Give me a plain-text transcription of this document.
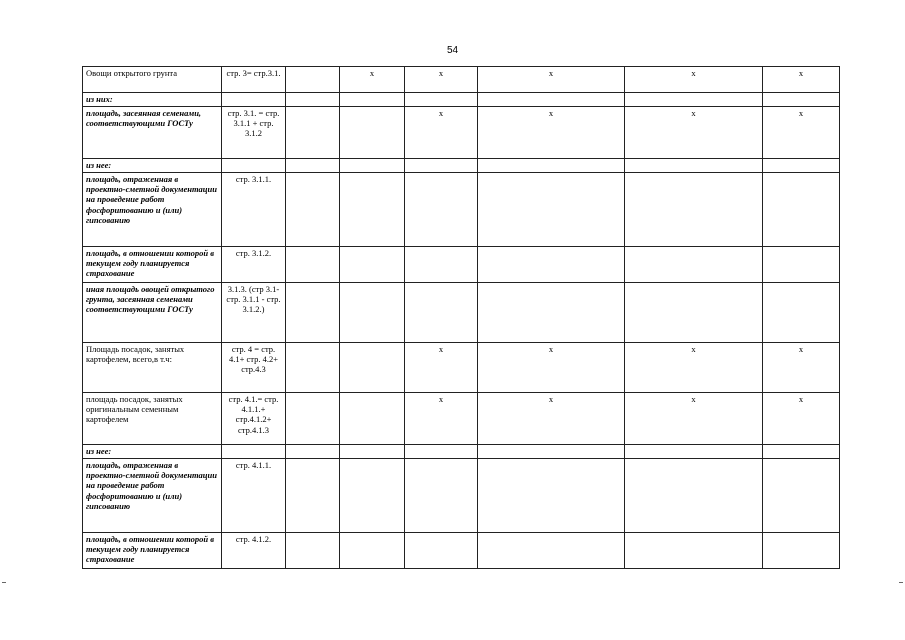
54
Овощи открытого грунта	стр. 3= стр.3.1.		x	x	x	x	x	
из них:								
площадь, засеянная семенами, соответствующими ГОСТу	стр. 3.1. = стр. 3.1.1 + стр. 3.1.2			x	x	x	x	
из нее:								
площадь, отраженная в проектно-сметной документации на проведение работ фосфоритованию и (или) гипсованию	стр. 3.1.1.							
площадь, в отношении которой в текущем году планируется страхование	стр. 3.1.2.							
иная площадь овощей открытого грунта, засеянная семенами соответствующими ГОСТу	3.1.3. (стр 3.1-стр. 3.1.1 - стр. 3.1.2.)							
Площадь посадок, занятых картофелем, всего,в т.ч:	стр. 4 = стр. 4.1+ стр. 4.2+ стр.4.3			x	x	x	x	
площадь посадок, занятых оригинальным семенным картофелем	стр. 4.1.= стр. 4.1.1.+ стр.4.1.2+ стр.4.1.3			x	x	x	x	
из нее:								
площадь, отраженная в проектно-сметной документации на проведение работ фосфоритованию и (или) гипсованию	стр. 4.1.1.							
площадь, в отношении которой в текущем году планируется страхование	стр. 4.1.2.							
